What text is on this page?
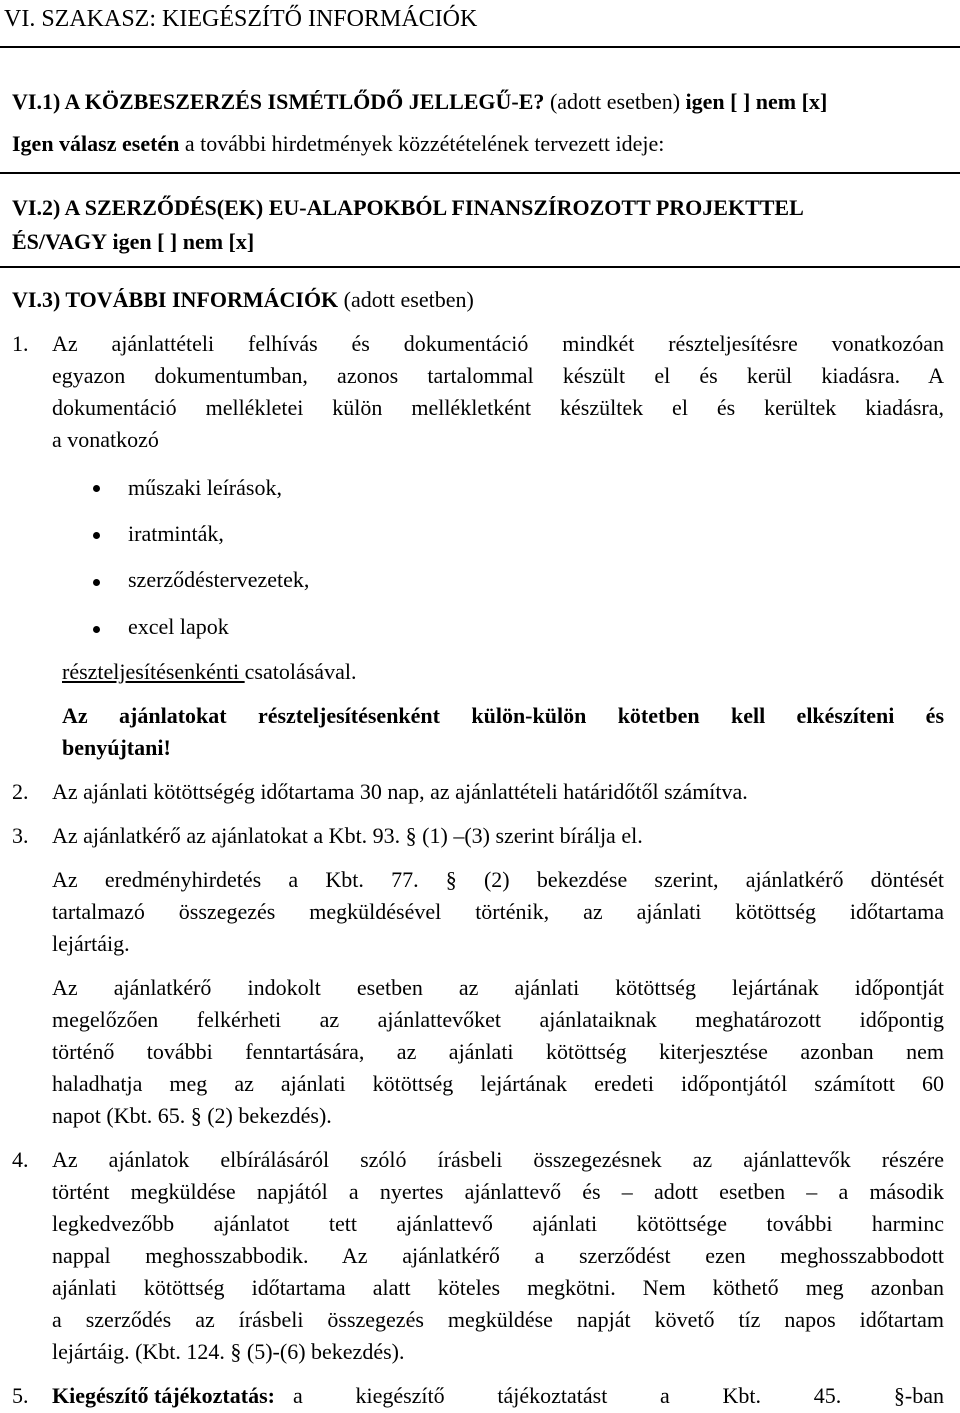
VI. SZAKASZ: KIEGÉSZÍTŐ INFORMÁCIÓK
VI.1) A KÖZBESZERZÉS ISMÉTLŐDŐ JELLEGŰ-E? (adott esetben) igen [ ] nem [x]
Igen válasz esetén a további hirdetmények közzétételének tervezett ideje:
VI.2) A SZERZŐDÉS(EK) EU-ALAPOKBÓL FINANSZÍROZOTT PROJEKTTEL
ÉS/VAGY igen [ ] nem [x]
VI.3) TOVÁBBI INFORMÁCIÓK (adott esetben)
1. Az ajánlattételi felhívás és dokumentáció mindkét részteljesítésre vonatkozóan
egyazon dokumentumban, azonos tartalommal készült el és kerül kiadásra. A
dokumentáció mellékletei külön mellékletként készültek el és kerültek kiadásra,
a vonatkozó
műszaki leírások,
iratminták,
szerződéstervezetek,
excel lapok
részteljesítésenkénti csatolásával.
Az ajánlatokat részteljesítésenként külön-külön kötetben kell elkészíteni és
benyújtani!
2. Az ajánlati kötöttségég időtartama 30 nap, az ajánlattételi határidőtől számítva.
3. Az ajánlatkérő az ajánlatokat a Kbt. 93. § (1) –(3) szerint bírálja el.
Az eredményhirdetés a Kbt. 77. § (2) bekezdése szerint, ajánlatkérő döntését
tartalmazó összegezés megküldésével történik, az ajánlati kötöttség időtartama
lejártáig.
Az ajánlatkérő indokolt esetben az ajánlati kötöttség lejártának időpontját
megelőzően felkérheti az ajánlattevőket ajánlataiknak meghatározott időpontig
történő további fenntartására, az ajánlati kötöttség kiterjesztése azonban nem
haladhatja meg az ajánlati kötöttség lejártának eredeti időpontjától számított 60
napot (Kbt. 65. § (2) bekezdés).
4. Az ajánlatok elbírálásáról szóló írásbeli összegezésnek az ajánlattevők részére
történt megküldése napjától a nyertes ajánlattevő és – adott esetben – a második
legkedvezőbb ajánlatot tett ajánlattevő ajánlati kötöttsége további harminc
nappal meghosszabbodik. Az ajánlatkérő a szerződést ezen meghosszabbodott
ajánlati kötöttség időtartama alatt köteles megkötni. Nem köthető meg azonban
a szerződés az írásbeli összegezés megküldése napját követő tíz napos időtartam
lejártáig. (Kbt. 124. § (5)-(6) bekezdés).
5. Kiegészítő tájékoztatás: a kiegészítő tájékoztatást a Kbt. 45. §-ban
